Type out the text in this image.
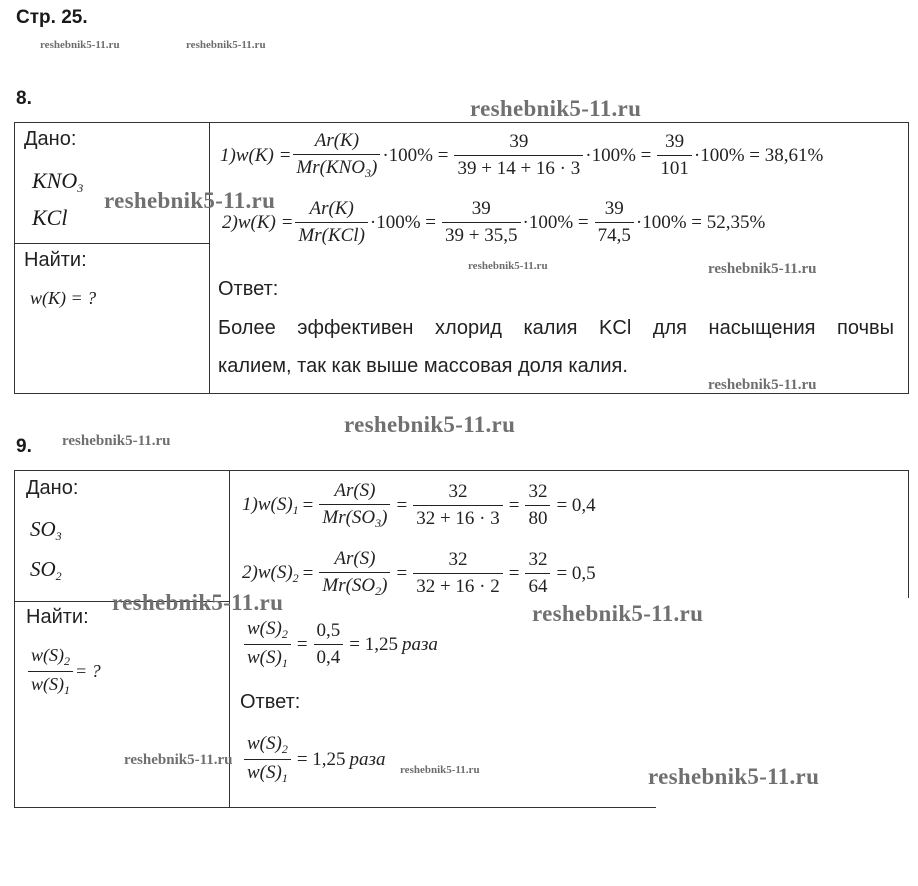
Стр. 25.
reshebnik5-11.ru	reshebnik5-11.ru
8.	reshebnik5-11.ru
Дано:
$KNO_3$
KCl
reshebnik5-11.ru
Найти:
w(K) = ?
$1)w(K) = \frac{Ar(K)}{Mr(KNO_3)} \cdot 100\% = \frac{39}{39 + 14 + 16 \cdot 3} \cdot 100\% = \frac{39}{101} \cdot 100\% = 38,61\%$
$2)w(K) = \frac{Ar(K)}{\text{Mr(KCl)}} \cdot 100\% = \frac{39}{39 + 35,5} \cdot 100\% = \frac{39}{74,5} \cdot 100\% = 52,35\%$
reshebnik5-11.ru	reshebnik5-11.ru
Ответ:
Более эффективен хлорид калия KCl для насыщения почвы
калием, так как выше массовая доля калия.
reshebnik5-11.ru
reshebnik5-11.ru
9. reshebnik5-11.ru
Дано:
$SO_3$
$SO_2$
Найти:
$\frac{w(S)_2}{w(S)_1}$ = ?
$1)w(S)_1 = \frac{Ar(S)}{Mr(SO_3)} = \frac{32}{32 + 16 \cdot 3} = \frac{32}{80} = 0,4$
$2)w(S)_2 = \frac{Ar(S)}{Mr(SO_2)} = \frac{32}{32 + 16 \cdot 2} = \frac{32}{64} = 0,5$
reshebnik5-11.ru	reshebnik5-11.ru
$\frac{w(S)_2}{w(S)_1} = \frac{0,5}{0,4} = 1,25$ раза
Ответ:
$\frac{w(S)_2}{w(S)_1} = 1,25$ раза
reshebnik5-11.ru
reshebnik5-11.ru	reshebnik5-11.ru
